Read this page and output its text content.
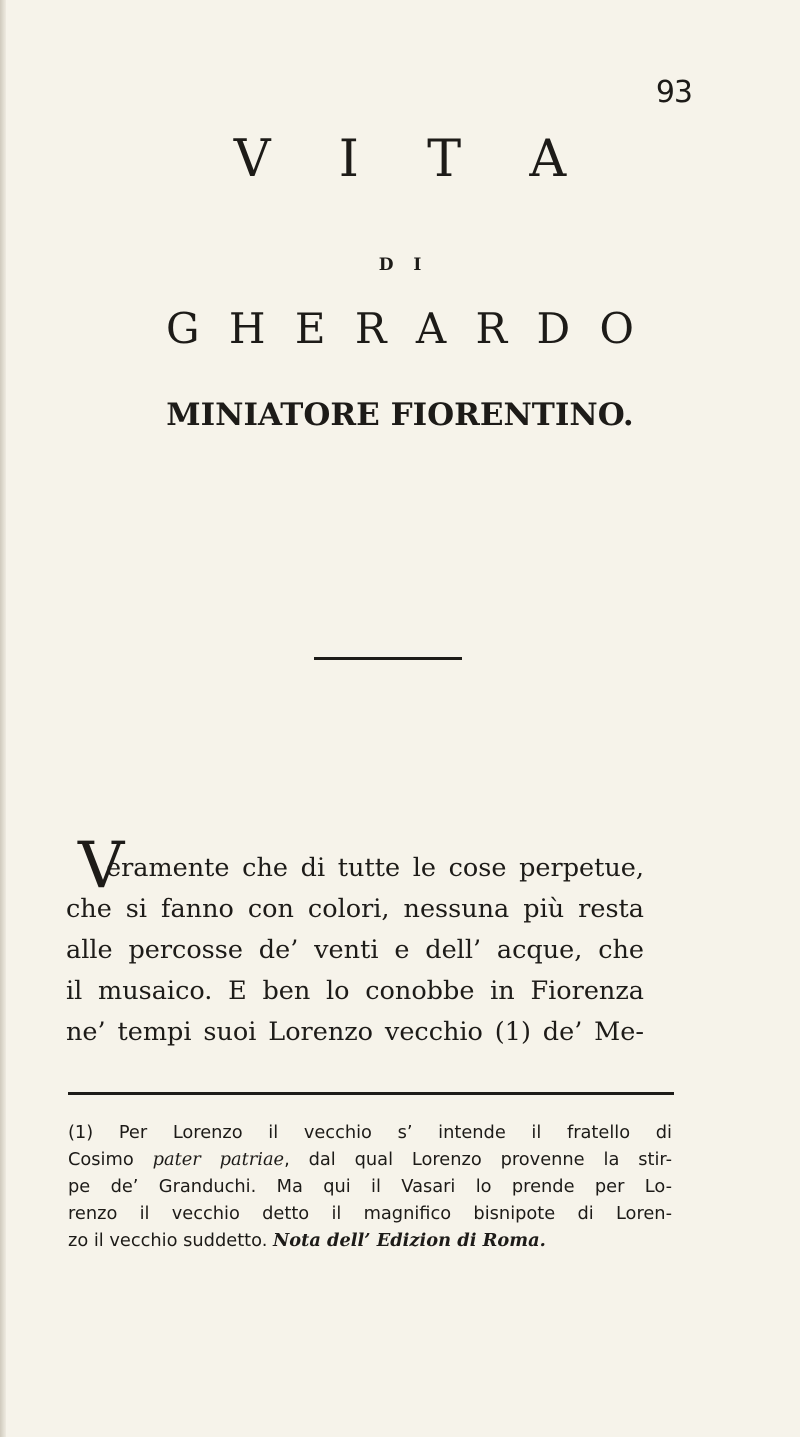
93
V I T A
D I
G H E R A R D O
MINIATORE FIORENTINO.
V
eramente che di tutte le cose perpetue,
che si fanno con colori, nessuna più resta
alle percosse de’ venti e dell’ acque, che
il musaico. E ben lo conobbe in Fiorenza
ne’ tempi suoi Lorenzo vecchio (1) de’ Me-
(1) Per Lorenzo il vecchio s’ intende il fratello di
Cosimo pater patriae, dal qual Lorenzo provenne la stir-
pe de’ Granduchi. Ma qui il Vasari lo prende per Lo-
renzo il vecchio detto il magnifico bisnipote di Loren-
zo il vecchio suddetto. Nota dell’ Edizion di Roma.
